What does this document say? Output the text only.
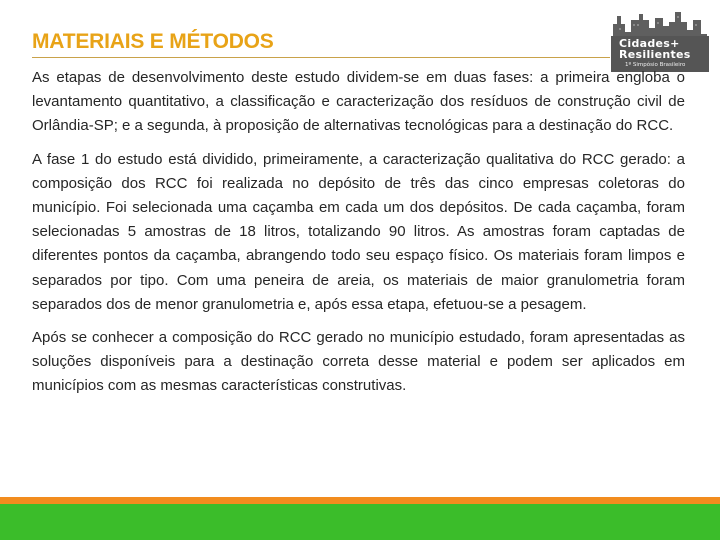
MATERIAIS E MÉTODOS	Cidades+
Resilientes
1º Simpósio Brasileiro

As etapas de desenvolvimento deste estudo dividem-se em duas fases: a primeira engloba o levantamento quantitativo, a classificação e caracterização dos resíduos de construção civil de Orlândia-SP; e a segunda, à proposição de alternativas tecnológicas para a destinação do RCC.

A fase 1 do estudo está dividido, primeiramente, a caracterização qualitativa do RCC gerado: a composição dos RCC foi realizada no depósito de três das cinco empresas coletoras do município. Foi selecionada uma caçamba em cada um dos depósitos. De cada caçamba, foram selecionadas 5 amostras de 18 litros, totalizando 90 litros. As amostras foram captadas de diferentes pontos da caçamba, abrangendo todo seu espaço físico. Os materiais foram limpos e separados por tipo. Com uma peneira de areia, os materiais de maior granulometria foram separados dos de menor granulometria e, após essa etapa, efetuou-se a pesagem.

Após se conhecer a composição do RCC gerado no município estudado, foram apresentadas as soluções disponíveis para a destinação correta desse material e podem ser aplicados em municípios com as mesmas características construtivas.
